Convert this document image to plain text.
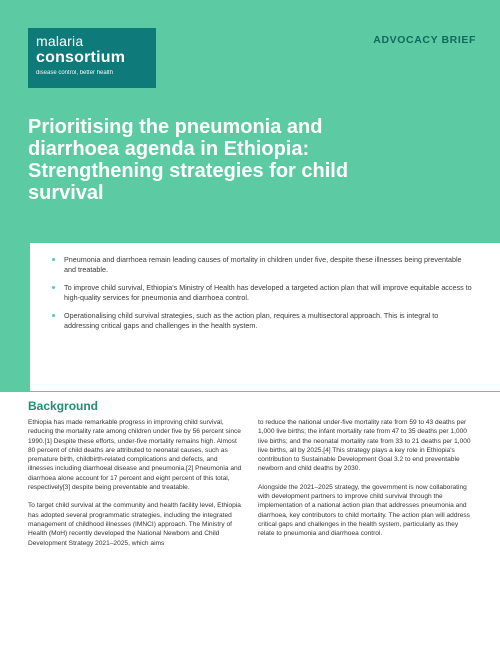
malaria
consortium
disease control, better health
ADVOCACY BRIEF
Prioritising the pneumonia and
diarrhoea agenda in Ethiopia:
Strengthening strategies for child
survival
Pneumonia and diarrhoea remain leading causes of mortality in children under five, despite these illnesses being preventable and treatable.
To improve child survival, Ethiopia's Ministry of Health has developed a targeted action plan that will improve equitable access to high-quality services for pneumonia and diarrhoea control.
Operationalising child survival strategies, such as the action plan, requires a multisectoral approach. This is integral to addressing critical gaps and challenges in the health system.
Background

Ethiopia has made remarkable progress in improving child survival, reducing the mortality rate among children under five by 56 percent since 1990.[1] Despite these efforts, under-five mortality remains high. Almost 80 percent of child deaths are attributed to neonatal causes, such as premature birth, childbirth-related complications and defects, and illnesses including diarrhoeal disease and pneumonia.[2] Pneumonia and diarrhoea alone account for 17 percent and eight percent of this total, respectively[3] despite being preventable and treatable.

To target child survival at the community and health facility level, Ethiopia has adopted several programmatic strategies, including the integrated management of childhood illnesses (IMNCI) approach. The Ministry of Health (MoH) recently developed the National Newborn and Child Development Strategy 2021–2025, which aims

to reduce the national under-five mortality rate from 59 to 43 deaths per 1,000 live births; the infant mortality rate from 47 to 35 deaths per 1,000 live births; and the neonatal mortality rate from 33 to 21 deaths per 1,000 live births, all by 2025.[4] This strategy plays a key role in Ethiopia's contribution to Sustainable Development Goal 3.2 to end preventable newborn and child deaths by 2030.

Alongside the 2021–2025 strategy, the government is now collaborating with development partners to improve child survival through the implementation of a national action plan that addresses pneumonia and diarrhoea, key contributors to child mortality. The action plan will address critical gaps and challenges in the health system, particularly as they relate to pneumonia and diarrhoea control.
